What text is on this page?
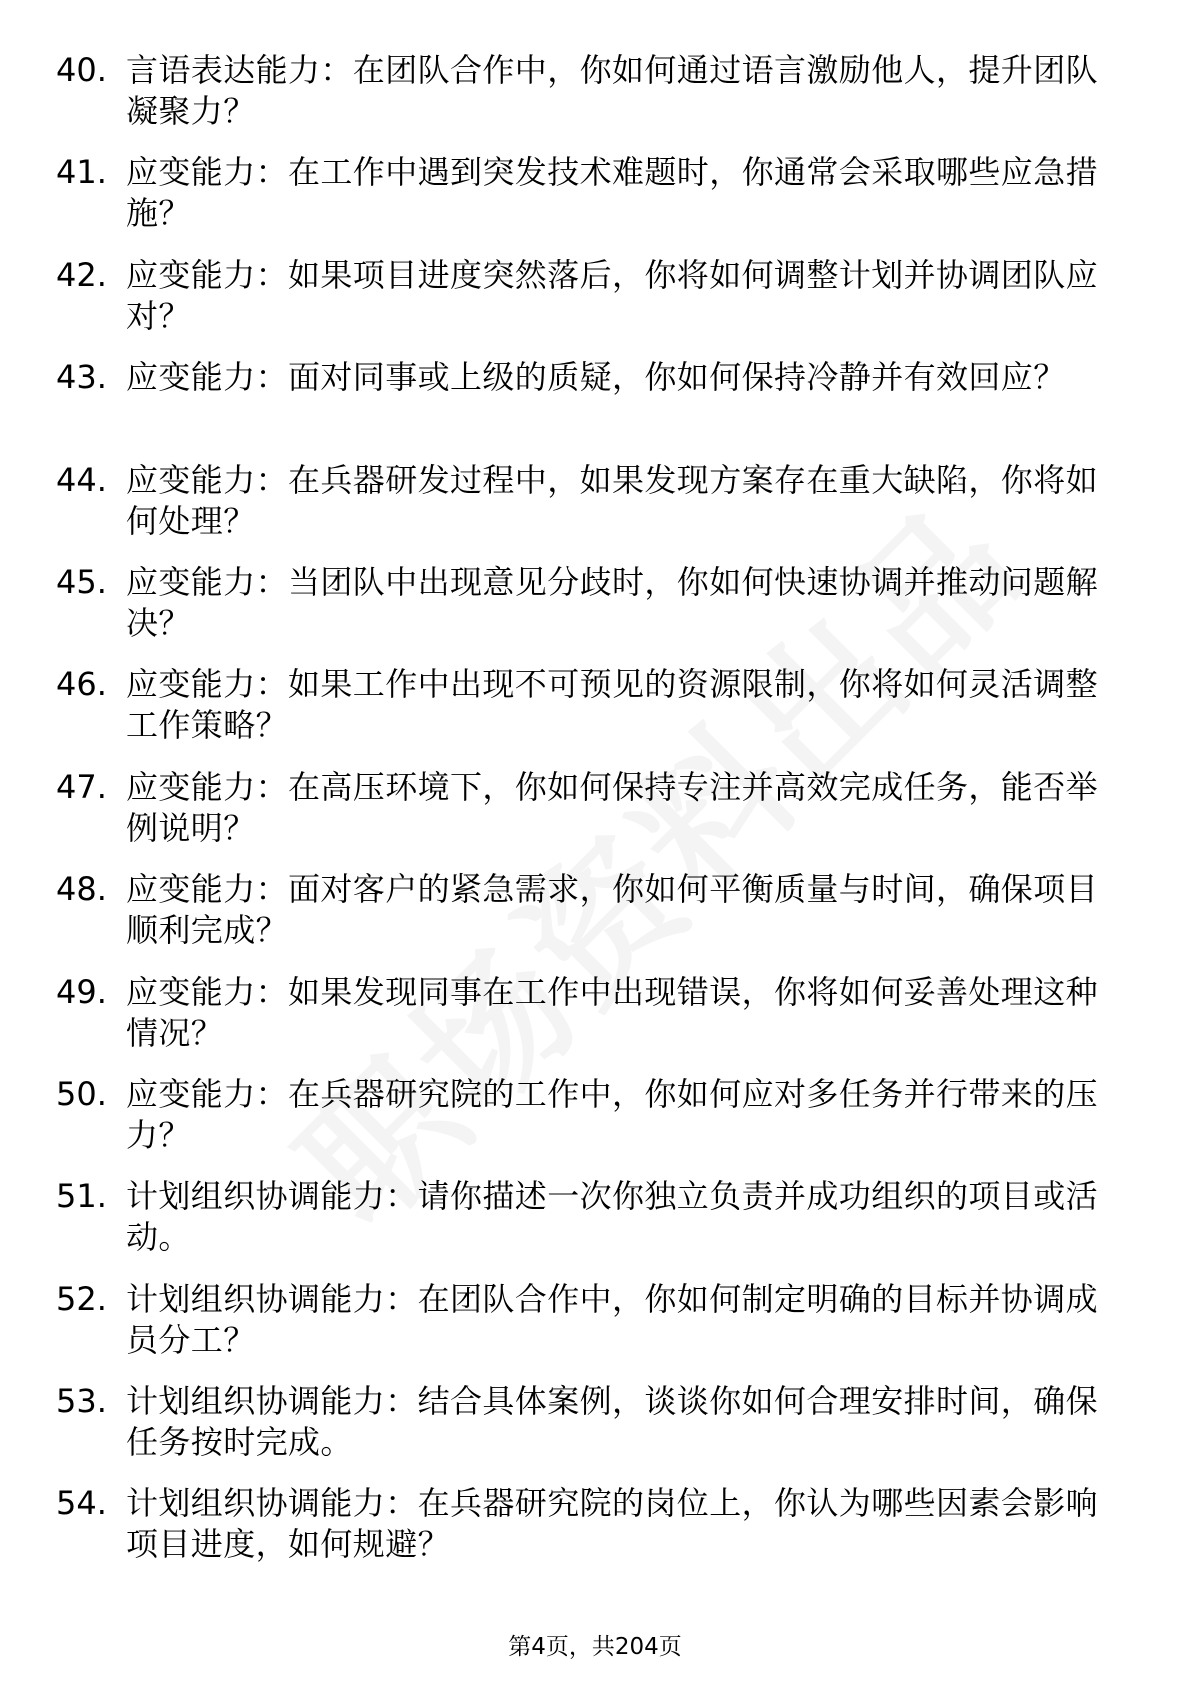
40. 言语表达能力：在团队合作中，你如何通过语言激励他人，提升团队凝聚力？
41. 应变能力：在工作中遇到突发技术难题时，你通常会采取哪些应急措施？
42. 应变能力：如果项目进度突然落后，你将如何调整计划并协调团队应对？
43. 应变能力：面对同事或上级的质疑，你如何保持冷静并有效回应？
44. 应变能力：在兵器研发过程中，如果发现方案存在重大缺陷，你将如何处理？
45. 应变能力：当团队中出现意见分歧时，你如何快速协调并推动问题解决？
46. 应变能力：如果工作中出现不可预见的资源限制，你将如何灵活调整工作策略？
47. 应变能力：在高压环境下，你如何保持专注并高效完成任务，能否举例说明？
48. 应变能力：面对客户的紧急需求，你如何平衡质量与时间，确保项目顺利完成？
49. 应变能力：如果发现同事在工作中出现错误，你将如何妥善处理这种情况？
50. 应变能力：在兵器研究院的工作中，你如何应对多任务并行带来的压力？
51. 计划组织协调能力：请你描述一次你独立负责并成功组织的项目或活动。
52. 计划组织协调能力：在团队合作中，你如何制定明确的目标并协调成员分工？
53. 计划组织协调能力：结合具体案例，谈谈你如何合理安排时间，确保任务按时完成。
54. 计划组织协调能力：在兵器研究院的岗位上，你认为哪些因素会影响项目进度，如何规避？
第4页，共204页
